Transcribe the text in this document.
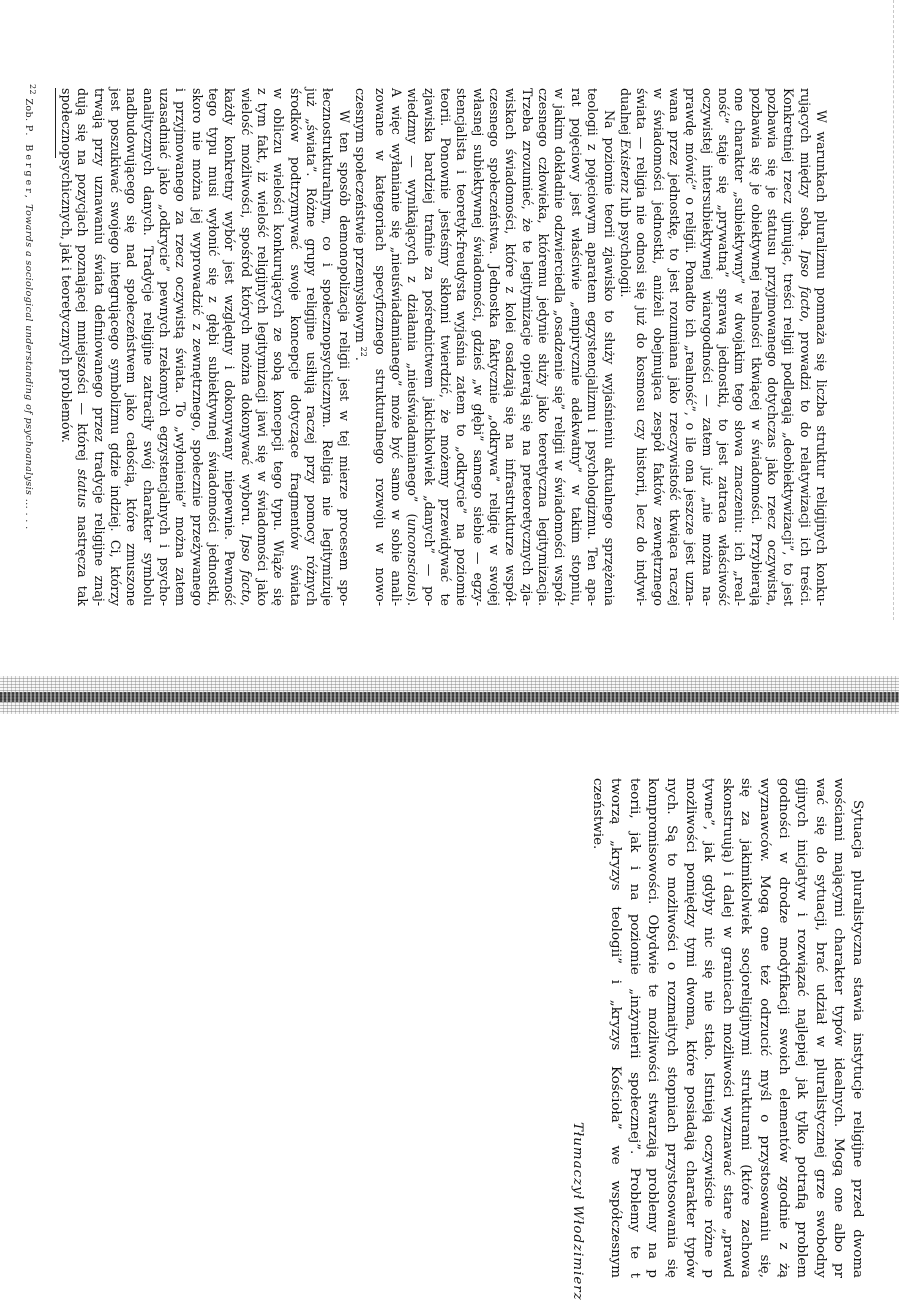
W warunkach pluralizmu pomnaża się liczba struktur religijnych konku-
rujących między sobą. Ipso facto, prowadzi to do relatywizacji ich treści.
Konkretniej rzecz ujmując, treści religii podlegają „deobiektywizacji”, to jest
pozbawia się je statusu przyjmowanego dotychczas jako rzecz oczywista,
pozbawia się je obiektywnej realności tkwiącej w świadomości. Przybierają
one charakter „subiektywny” w dwojakim tego słowa znaczeniu: ich „real-
ność” staje się „prywatną” sprawą jednostki, to jest zatraca właściwość
oczywistej intersubiektywnej wiarogodności — zatem już „nie można na-
prawdę mówić” o religii. Ponadto ich „realność”, o ile ona jeszcze jest uzna-
wana przez jednostkę, to jest rozumiana jako rzeczywistość tkwiąca raczej
w świadomości jednostki, aniżeli obejmująca zespół faktów zewnętrznego
świata — religia nie odnosi się już do kosmosu czy historii, lecz do indywi-
dualnej Existenz lub psychologii.
Na poziomie teorii zjawisko to służy wyjaśnieniu aktualnego sprzężenia
teologii z pojęciowym aparatem egzystencjalizmu i psychologizmu. Ten apa-
rat pojęciowy jest właściwie „empirycznie adekwatny” w takim stopniu,
w jakim dokładnie odzwierciedla „osadzenie się” religii w świadomości współ-
czesnego człowieka, któremu jedynie służy jako teoretyczna legitymizacja.
Trzeba zrozumieć, że te legitymizacje opierają się na preteoretycznych zja-
wiskach świadomości, które z kolei osadzają się na infrastrukturze współ-
czesnego społeczeństwa. Jednostka faktycznie „odkrywa” religię w swojej
własnej subiektywnej świadomości, gdzieś „w głębi” samego siebie — egzy-
stencjalista i teoretyk-freudysta wyjaśnia zatem to „odkrycie” na poziomie
teorii. Ponownie jesteśmy skłonni twierdzić, że możemy przewidywać te
zjawiska bardziej trafnie za pośrednictwem jakichkolwiek „danych” — po-
wiedzmy — wynikających z działania „nieuświadamianego” (unconscious).
A więc wyłanianie się „nieuświadamianego” może być samo w sobie anali-
zowane w kategoriach specyficznego strukturalnego rozwoju w nowo-
czesnym społeczeństwie przemysłowym $^{22}$.
W ten sposób demonopolizacja religii jest w tej mierze procesem spo-
łecznostrukturalnym, co i społecznopsychicznym. Religia nie legitymizuje
już „świata”. Różne grupy religijne usiłują raczej przy pomocy różnych
środków podtrzymywać swoje koncepcje dotyczące fragmentów świata
w obliczu wielości konkurujących ze sobą koncepcji tego typu. Wiąże się
z tym fakt, iż wielość religijnych legitymizacji jawi się w świadomości jako
wielość możliwości, spośród których można dokonywać wyboru. Ipso facto,
każdy konkretny wybór jest względny i dokonywany niepewnie. Pewność
tego typu musi wyłonić się z głębi subiektywnej świadomości jednostki,
skoro nie można jej wyprowadzić z zewnętrznego, społecznie przeżywanego
i przyjmowanego za rzecz oczywistą świata. To „wyłonienie” można zatem
uzasadniać jako „odkrycie” pewnych rzekomych egzystencjalnych i psycho-
analitycznych danych. Tradycje religijne zatraciły swój charakter symbolu
nadbudowującego się nad społeczeństwem jako całością, które zmuszone
jest poszukiwać swojego integrującego symbolizmu gdzie indziej. Ci, którzy
trwają przy uznawaniu świata definiowanego przez tradycje religijne znaj-
dują się na pozycjach poznającej mniejszości — której status nastręcza tak
społecznopsychicznych, jak i teoretycznych problemów.
$^{22}$ Zob. P. Berger, Towards a sociological understanding of psychoanalysis ... . . .
Sytuacja pluralistyczna stawia instytucje religijne przed dwoma
wościami mającymi charakter typów idealnych. Mogą one albo pr
wać się do sytuacji, brać udział w pluralistycznej grze swobodny
gijnych inicjatyw i rozwiązać najlepiej jak tylko potrafią problem
godności w drodze modyfikacji swoich elementów zgodnie z żą
wyznawców. Mogą one też odrzucić myśl o przystosowaniu się,
się za jakimikolwiek socjoreligijnymi strukturami (które zachowa
skonstruują) i dalej w granicach możliwości wyznawać stare „prawd
tywne”, jak gdyby nic się nie stało. Istnieją oczywiście różne p
możliwości pomiędzy tymi dwoma, które posiadają charakter typów
nych. Są to możliwości o rozmaitych stopniach przystosowania się
kompromisowości. Obydwie te możliwości stwarzają problemy na p
teorii, jak i na poziomie „inżynierii społecznej”. Problemy te t
tworzą „kryzys teologii” i „kryzys Kościoła” we współczesnym
czeństwie.
Tłumaczył Włodzimierz
